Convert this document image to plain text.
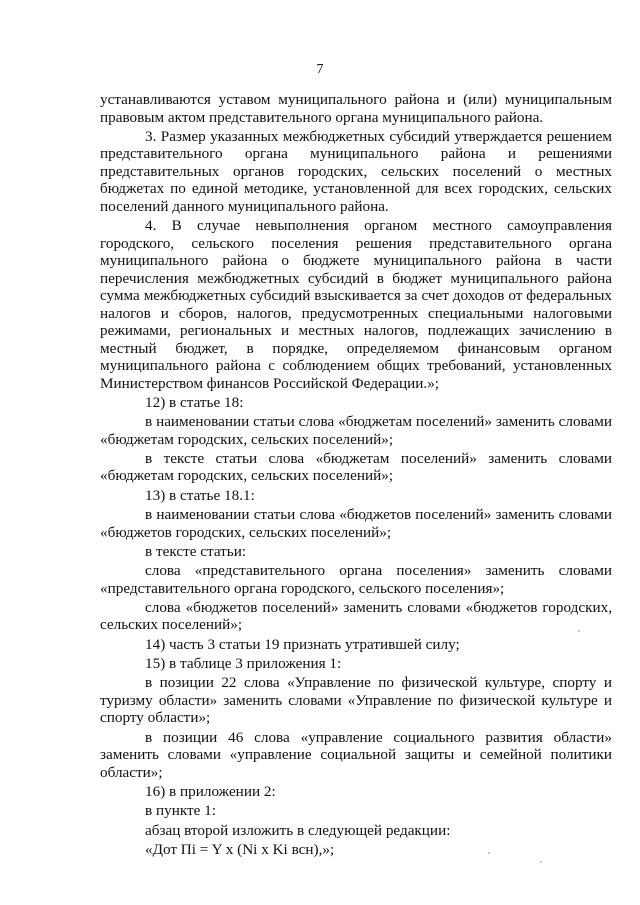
7

устанавливаются уставом муниципального района и (или) муниципальным правовым актом представительного органа муниципального района.

3. Размер указанных межбюджетных субсидий утверждается решением представительного органа муниципального района и решениями представительных органов городских, сельских поселений о местных бюджетах по единой методике, установленной для всех городских, сельских поселений данного муниципального района.

4. В случае невыполнения органом местного самоуправления городского, сельского поселения решения представительного органа муниципального района о бюджете муниципального района в части перечисления межбюджетных субсидий в бюджет муниципального района сумма межбюджетных субсидий взыскивается за счет доходов от федеральных налогов и сборов, налогов, предусмотренных специальными налоговыми режимами, региональных и местных налогов, подлежащих зачислению в местный бюджет, в порядке, определяемом финансовым органом муниципального района с соблюдением общих требований, установленных Министерством финансов Российской Федерации.»;

12) в статье 18:

в наименовании статьи слова «бюджетам поселений» заменить словами «бюджетам городских, сельских поселений»;

в тексте статьи слова «бюджетам поселений» заменить словами «бюджетам городских, сельских поселений»;

13) в статье 18.1:

в наименовании статьи слова «бюджетов поселений» заменить словами «бюджетов городских, сельских поселений»;

в тексте статьи:

слова «представительного органа поселения» заменить словами «представительного органа городского, сельского поселения»;

слова «бюджетов поселений» заменить словами «бюджетов городских, сельских поселений»;

14) часть 3 статьи 19 признать утратившей силу;

15) в таблице 3 приложения 1:

в позиции 22 слова «Управление по физической культуре, спорту и туризму области» заменить словами «Управление по физической культуре и спорту области»;

в позиции 46 слова «управление социального развития области» заменить словами «управление социальной защиты и семейной политики области»;

16) в приложении 2:

в пункте 1:

абзац второй изложить в следующей редакции:

«Дот Пi = Y x (Ni x Ki всн),»;
